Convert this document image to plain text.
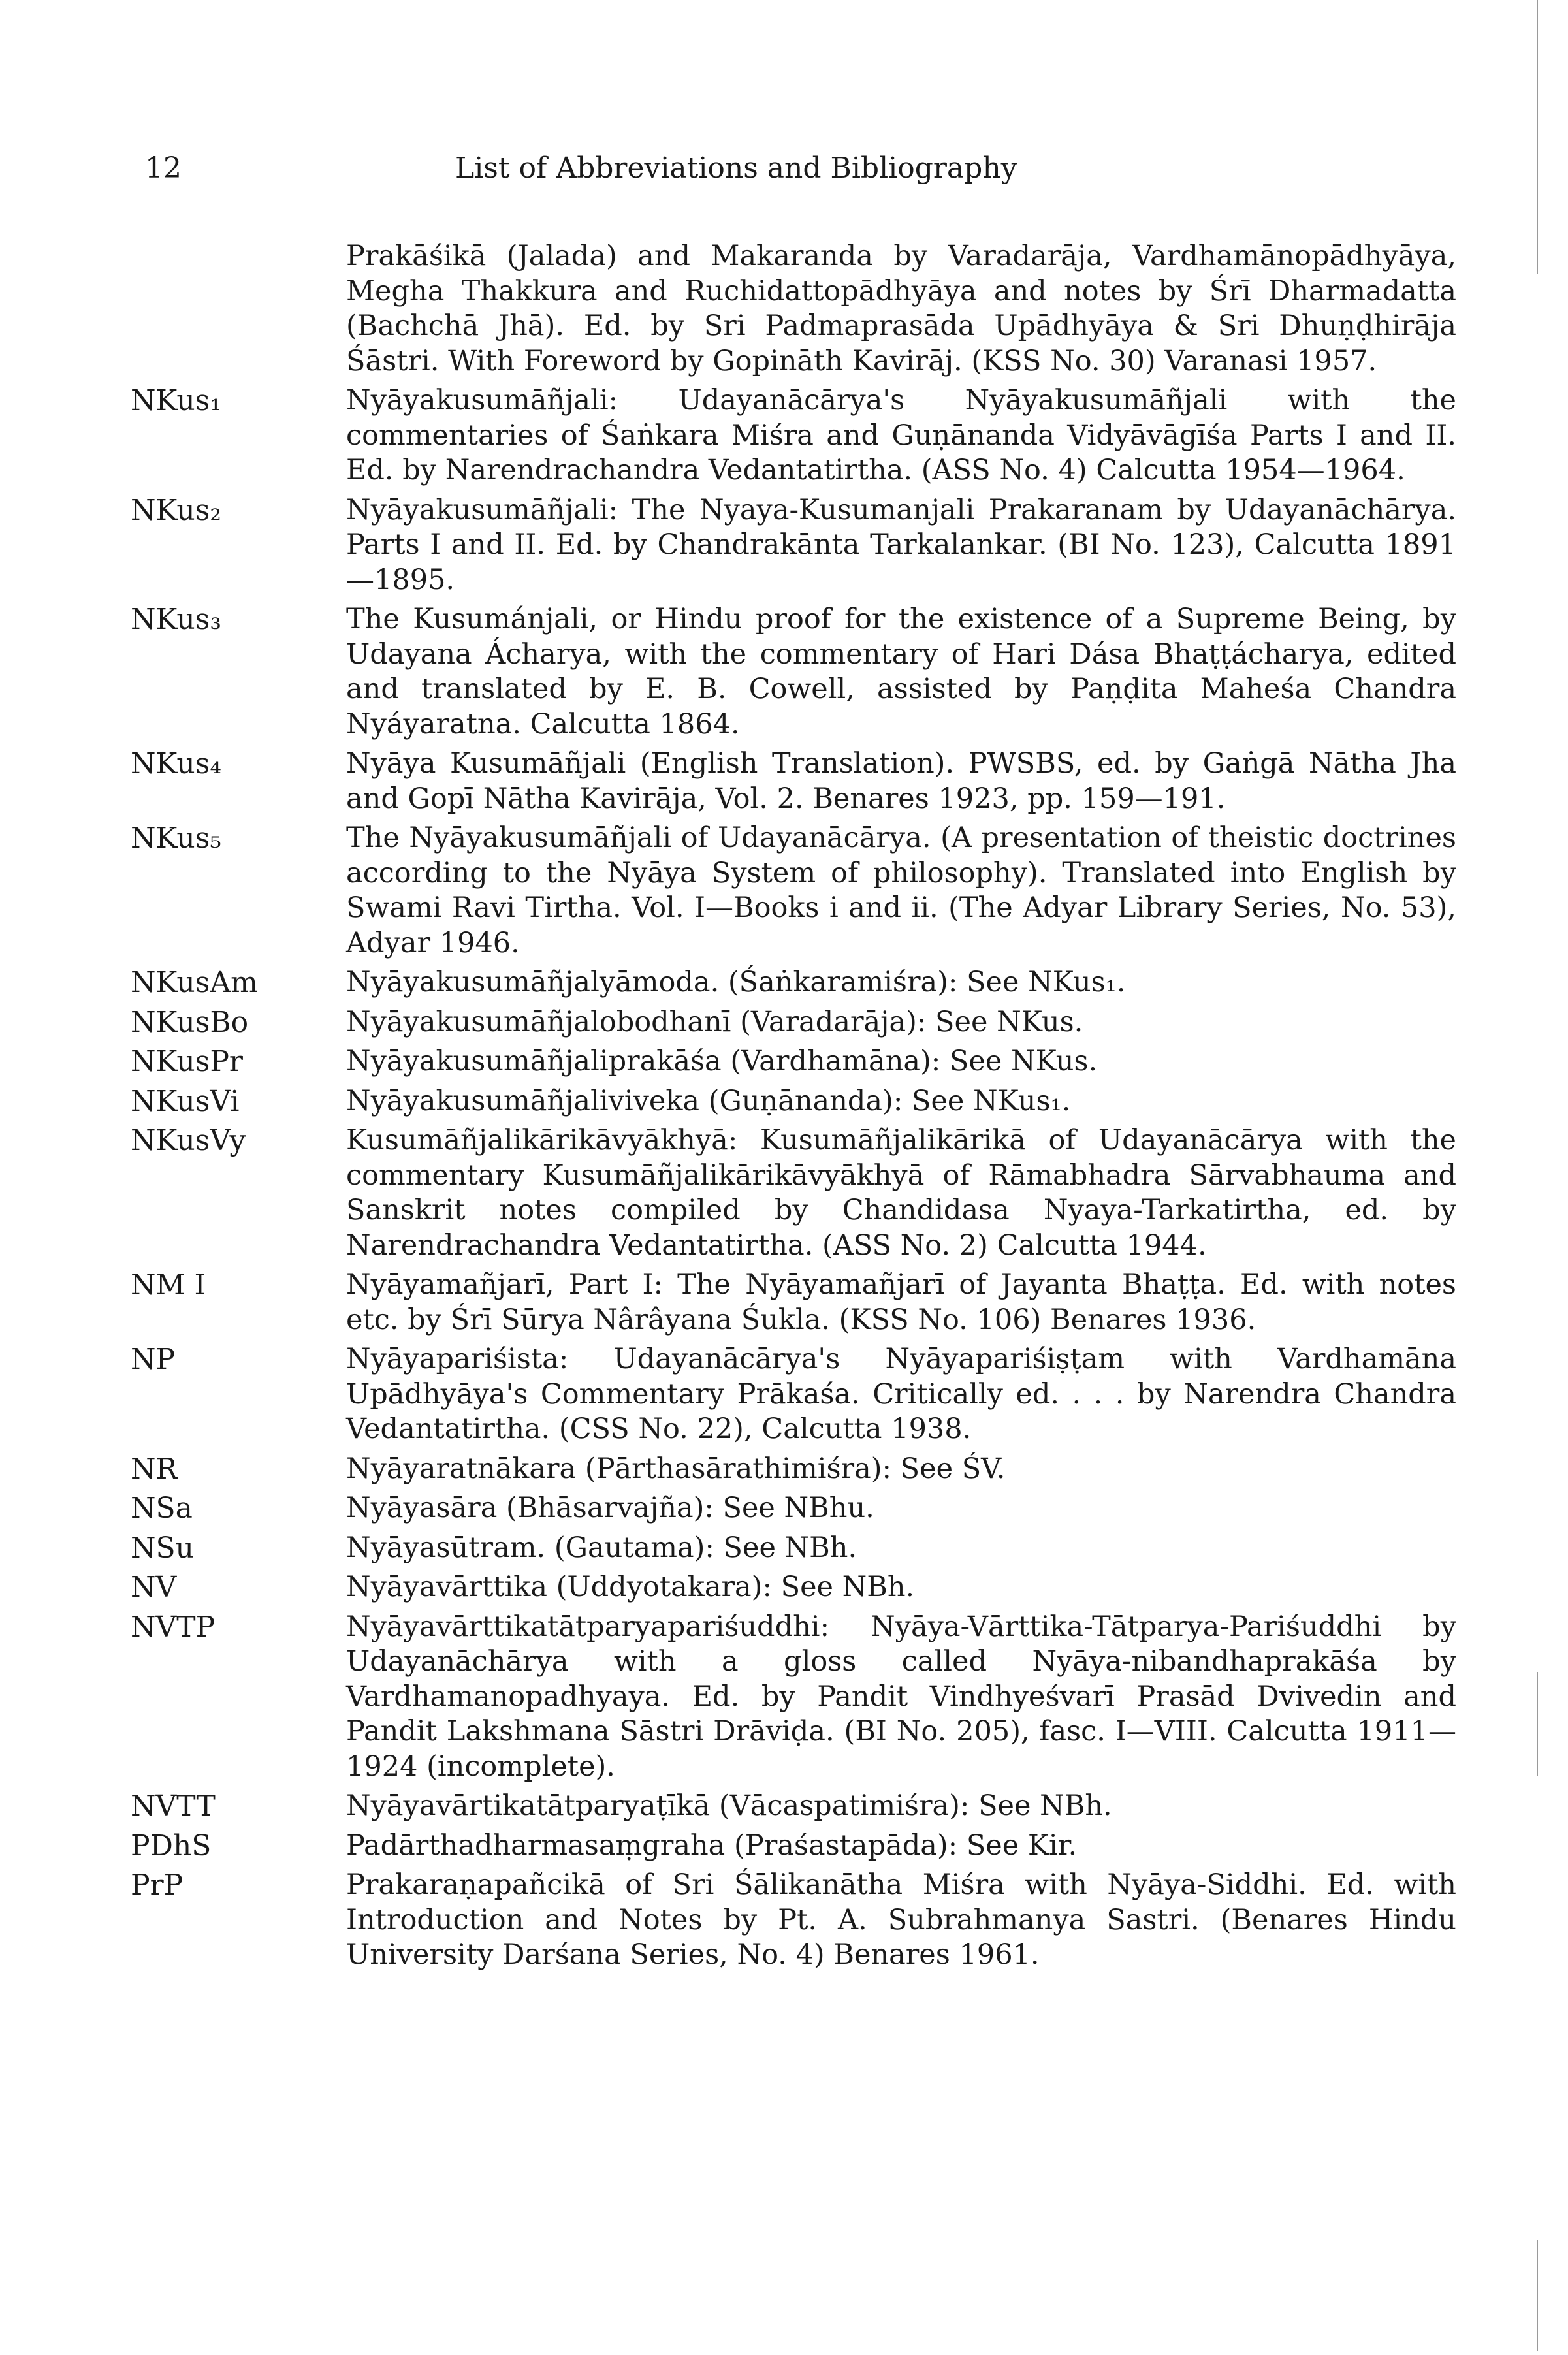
12	List of Abbreviations and Bibliography
Prakāśikā (Jalada) and Makaranda by Varadarāja, Vardhamānopādhyāya, Megha Thakkura and Ruchidattopādhyāya and notes by Śrī Dharmadatta (Bachchā Jhā). Ed. by Sri Padmaprasāda Upādhyāya & Sri Dhuṇḍhirāja Śāstri. With Foreword by Gopināth Kavirāj. (KSS No. 30) Varanasi 1957.
NKus₁	Nyāyakusumāñjali: Udayanācārya's Nyāyakusumāñjali with the commentaries of Śaṅkara Miśra and Guṇānanda Vidyāvāgīśa Parts I and II. Ed. by Narendrachandra Vedantatirtha. (ASS No. 4) Calcutta 1954—1964.
NKus₂	Nyāyakusumāñjali: The Nyaya-Kusumanjali Prakaranam by Udayanāchārya. Parts I and II. Ed. by Chandrakānta Tarkalankar. (BI No. 123), Calcutta 1891—1895.
NKus₃	The Kusumánjali, or Hindu proof for the existence of a Supreme Being, by Udayana Ácharya, with the commentary of Hari Dása Bhaṭṭácharya, edited and translated by E. B. Cowell, assisted by Paṇḍita Maheśa Chandra Nyáyaratna. Calcutta 1864.
NKus₄	Nyāya Kusumāñjali (English Translation). PWSBS, ed. by Gaṅgā Nātha Jha and Gopī Nātha Kavirāja, Vol. 2. Benares 1923, pp. 159—191.
NKus₅	The Nyāyakusumāñjali of Udayanācārya. (A presentation of theistic doctrines according to the Nyāya System of philosophy). Translated into English by Swami Ravi Tirtha. Vol. I—Books i and ii. (The Adyar Library Series, No. 53), Adyar 1946.
NKusAm	Nyāyakusumāñjalyāmoda. (Śaṅkaramiśra): See NKus₁.
NKusBo	Nyāyakusumāñjalobodhanī (Varadarāja): See NKus.
NKusPr	Nyāyakusumāñjaliprakāśa (Vardhamāna): See NKus.
NKusVi	Nyāyakusumāñjaliviveka (Guṇānanda): See NKus₁.
NKusVy	Kusumāñjalikārikāvyākhyā: Kusumāñjalikārikā of Udayanācārya with the commentary Kusumāñjalikārikāvyākhyā of Rāmabhadra Sārvabhauma and Sanskrit notes compiled by Chandidasa Nyaya-Tarkatirtha, ed. by Narendrachandra Vedantatirtha. (ASS No. 2) Calcutta 1944.
NM I	Nyāyamañjarī, Part I: The Nyāyamañjarī of Jayanta Bhaṭṭa. Ed. with notes etc. by Śrī Sūrya Nârâyana Śukla. (KSS No. 106) Benares 1936.
NP	Nyāyapariśista: Udayanācārya's Nyāyapariśiṣṭam with Vardhamāna Upādhyāya's Commentary Prākaśa. Critically ed. . . . by Narendra Chandra Vedantatirtha. (CSS No. 22), Calcutta 1938.
NR	Nyāyaratnākara (Pārthasārathimiśra): See ŚV.
NSa	Nyāyasāra (Bhāsarvajña): See NBhu.
NSu	Nyāyasūtram. (Gautama): See NBh.
NV	Nyāyavārttika (Uddyotakara): See NBh.
NVTP	Nyāyavārttikatātparyapariśuddhi: Nyāya-Vārttika-Tātparya-Pariśuddhi by Udayanāchārya with a gloss called Nyāya-nibandhaprakāśa by Vardhamanopadhyaya. Ed. by Pandit Vindhyeśvarī Prasād Dvivedin and Pandit Lakshmana Sāstri Drāviḍa. (BI No. 205), fasc. I—VIII. Calcutta 1911—1924 (incomplete).
NVTT	Nyāyavārtikatātparyaṭīkā (Vācaspatimiśra): See NBh.
PDhS	Padārthadharmasaṃgraha (Praśastapāda): See Kir.
PrP	Prakaraṇapañcikā of Sri Śālikanātha Miśra with Nyāya-Siddhi. Ed. with Introduction and Notes by Pt. A. Subrahmanya Sastri. (Benares Hindu University Darśana Series, No. 4) Benares 1961.
